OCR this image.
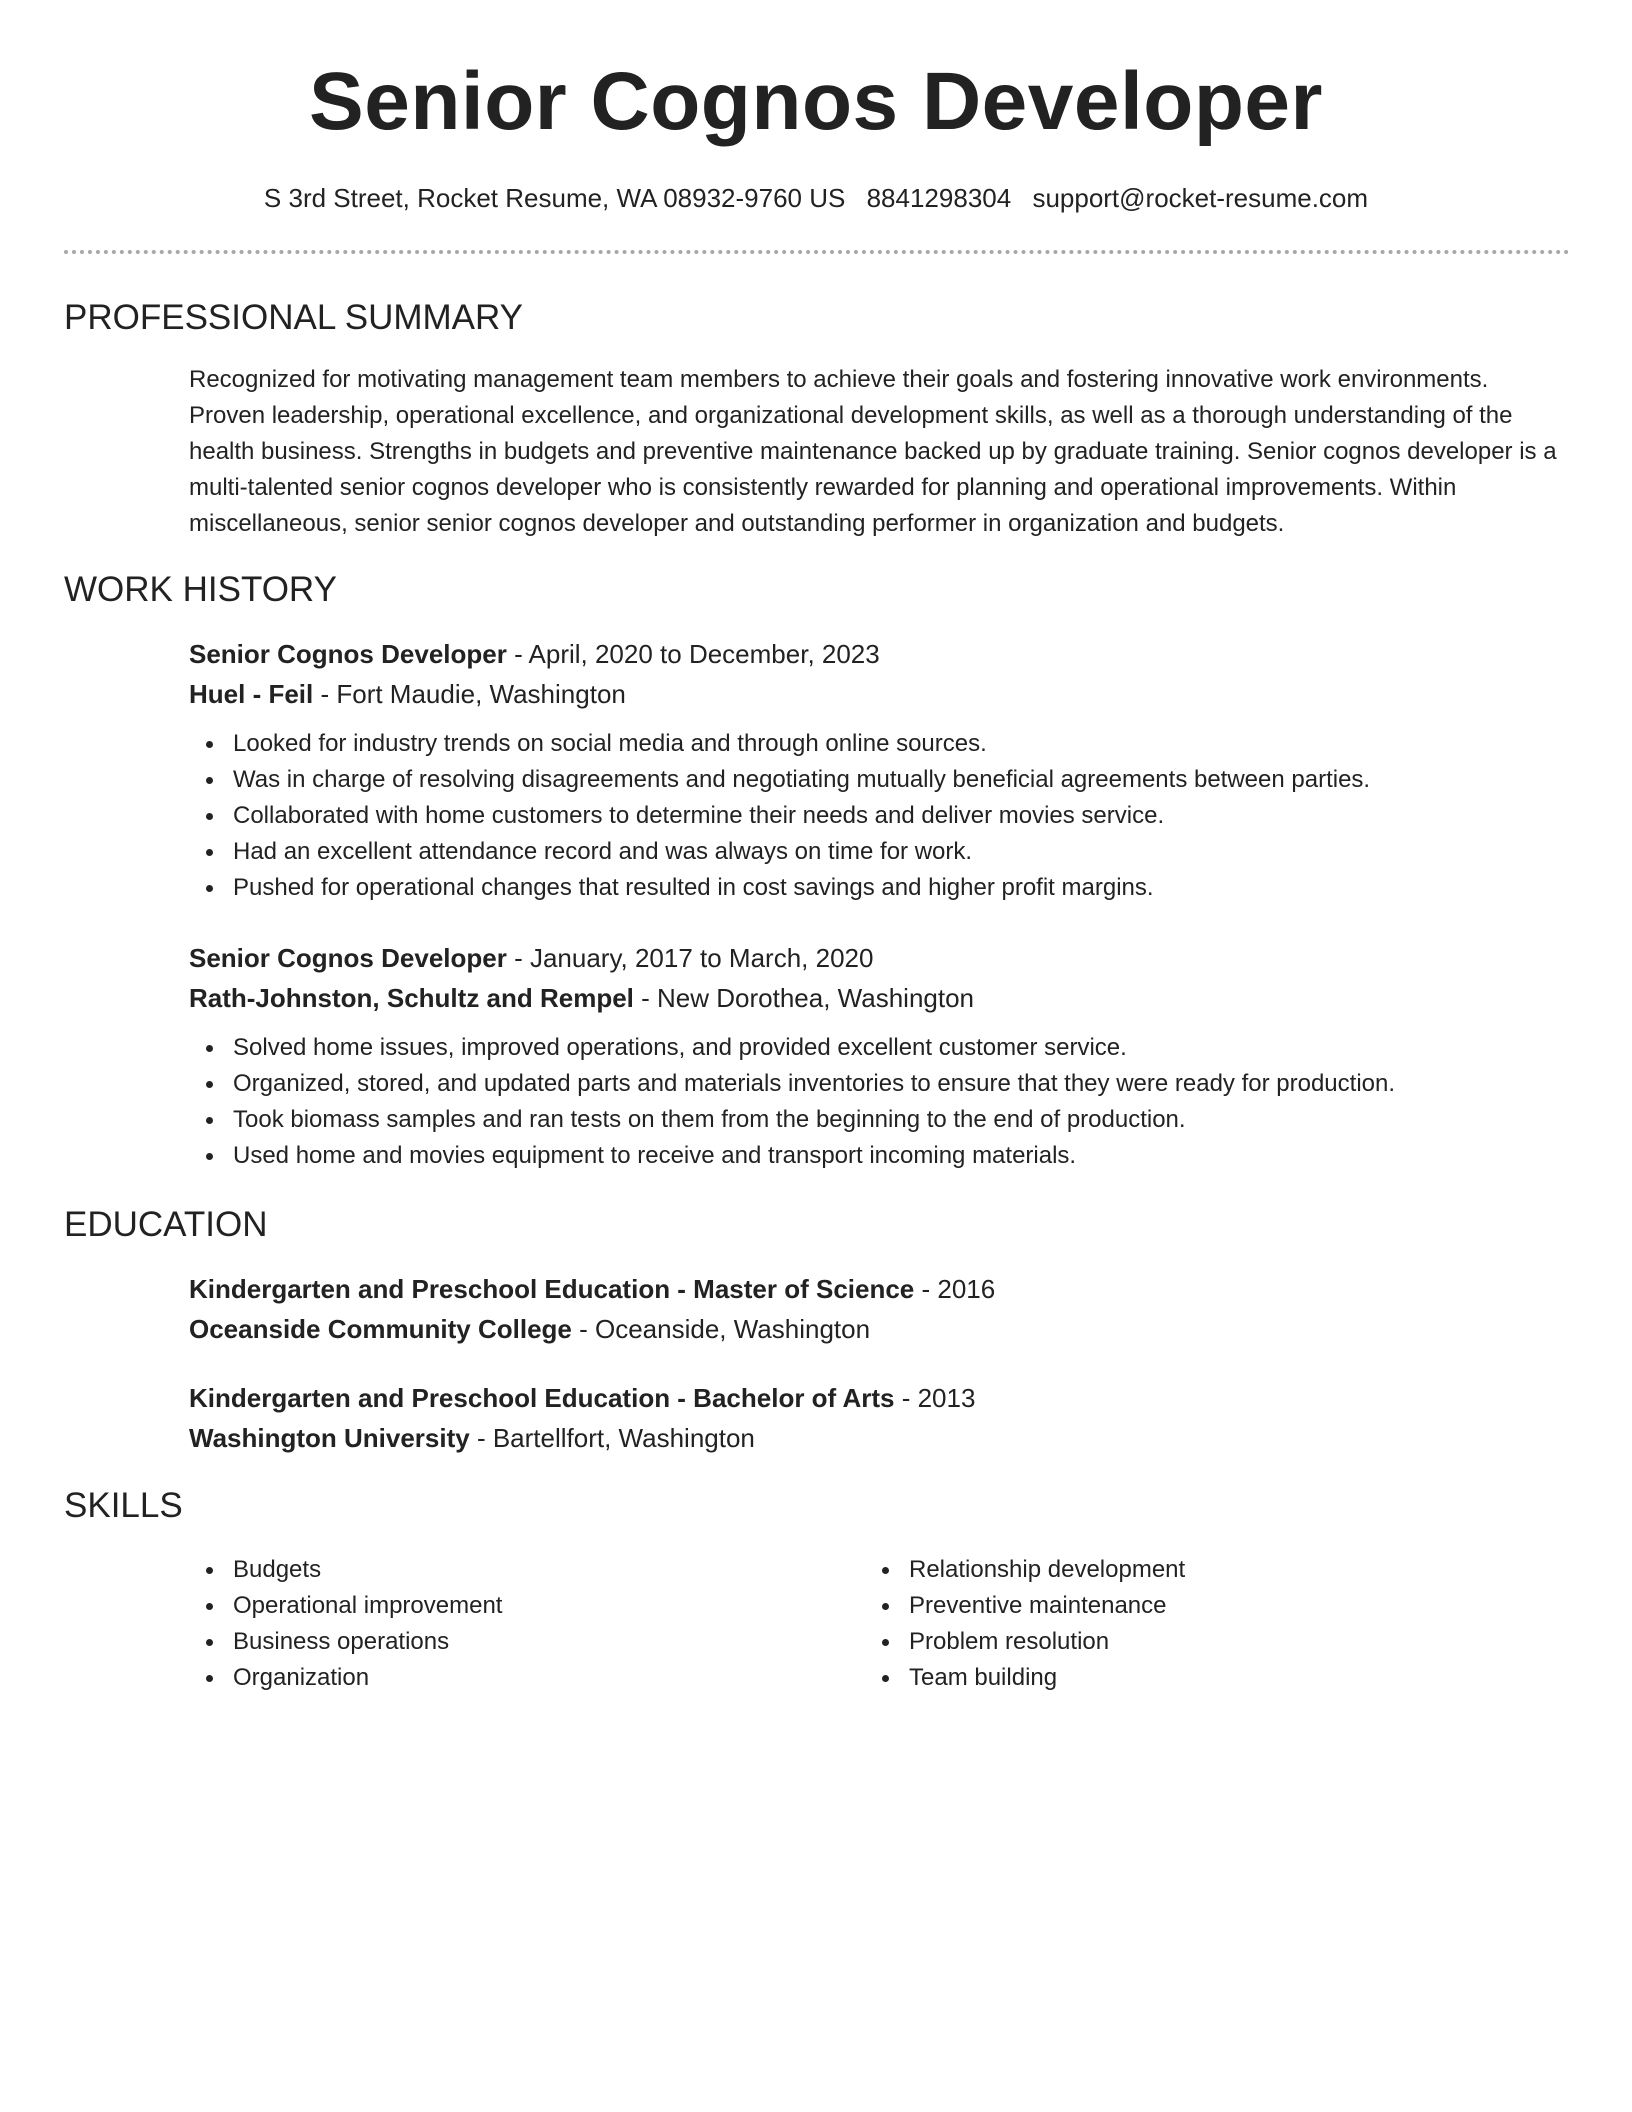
Senior Cognos Developer
S 3rd Street, Rocket Resume, WA 08932-9760 US 8841298304 support@rocket-resume.com
PROFESSIONAL SUMMARY

Recognized for motivating management team members to achieve their goals and fostering innovative work environments. Proven leadership, operational excellence, and organizational development skills, as well as a thorough understanding of the health business. Strengths in budgets and preventive maintenance backed up by graduate training. Senior cognos developer is a multi-talented senior cognos developer who is consistently rewarded for planning and operational improvements. Within miscellaneous, senior senior cognos developer and outstanding performer in organization and budgets.

WORK HISTORY
Senior Cognos Developer - April, 2020 to December, 2023
Huel - Feil - Fort Maudie, Washington
Looked for industry trends on social media and through online sources.
Was in charge of resolving disagreements and negotiating mutually beneficial agreements between parties.
Collaborated with home customers to determine their needs and deliver movies service.
Had an excellent attendance record and was always on time for work.
Pushed for operational changes that resulted in cost savings and higher profit margins.
Senior Cognos Developer - January, 2017 to March, 2020
Rath-Johnston, Schultz and Rempel - New Dorothea, Washington
Solved home issues, improved operations, and provided excellent customer service.
Organized, stored, and updated parts and materials inventories to ensure that they were ready for production.
Took biomass samples and ran tests on them from the beginning to the end of production.
Used home and movies equipment to receive and transport incoming materials.
EDUCATION
Kindergarten and Preschool Education - Master of Science - 2016
Oceanside Community College - Oceanside, Washington
Kindergarten and Preschool Education - Bachelor of Arts - 2013
Washington University - Bartellfort, Washington
SKILLS
Budgets
Operational improvement
Business operations
Organization
Relationship development
Preventive maintenance
Problem resolution
Team building
